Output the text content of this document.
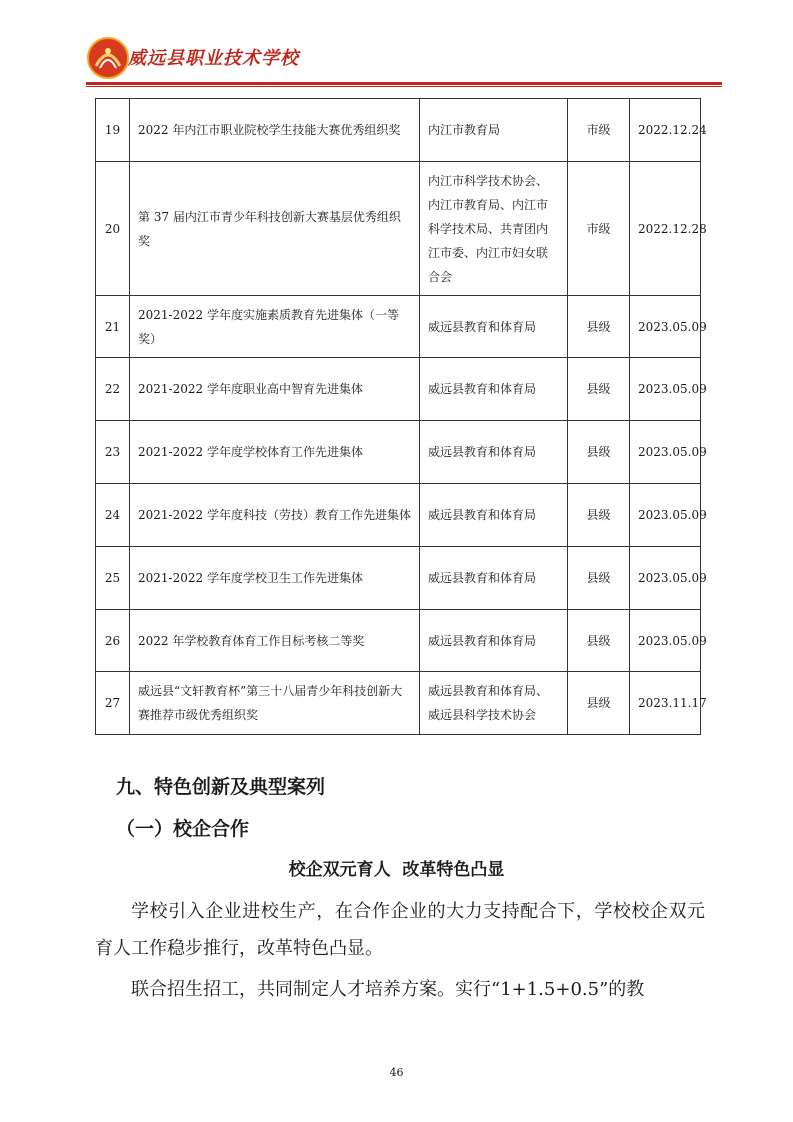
威远县职业技术学校
19	2022 年内江市职业院校学生技能大赛优秀组织奖	内江市教育局	市级	2022.12.24
20	第 37 届内江市青少年科技创新大赛基层优秀组织奖	内江市科学技术协会、内江市教育局、内江市科学技术局、共青团内江市委、内江市妇女联合会	市级	2022.12.28
21	2021-2022 学年度实施素质教育先进集体（一等奖）	威远县教育和体育局	县级	2023.05.09
22	2021-2022 学年度职业高中智育先进集体	威远县教育和体育局	县级	2023.05.09
23	2021-2022 学年度学校体育工作先进集体	威远县教育和体育局	县级	2023.05.09
24	2021-2022 学年度科技（劳技）教育工作先进集体	威远县教育和体育局	县级	2023.05.09
25	2021-2022 学年度学校卫生工作先进集体	威远县教育和体育局	县级	2023.05.09
26	2022 年学校教育体育工作目标考核二等奖	威远县教育和体育局	县级	2023.05.09
27	威远县“文轩教育杯”第三十八届青少年科技创新大赛推荐市级优秀组织奖	威远县教育和体育局、威远县科学技术协会	县级	2023.11.17
九、特色创新及典型案列
（一）校企合作
校企双元育人  改革特色凸显
学校引入企业进校生产，在合作企业的大力支持配合下，学校校企双元育人工作稳步推行，改革特色凸显。
联合招生招工，共同制定人才培养方案。实行“1+1.5+0.5”的教
46
